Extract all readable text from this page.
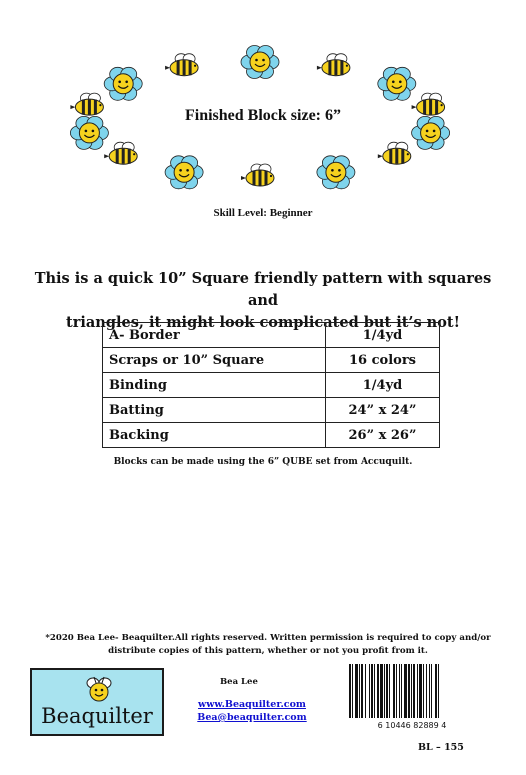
Finished Block size: 6”
Skill Level: Beginner
This is a quick 10” Square friendly pattern with squares and
triangles, it might look complicated but it’s not!
A- Border	1/4yd
Scraps or 10” Square	16 colors
Binding	1/4yd
Batting	24” x 24”
Backing	26” x 26”
Blocks can be made using the 6” QUBE set from Accuquilt.
*2020 Bea Lee- Beaquilter.All rights reserved. Written permission is required to copy and/or
distribute copies of this pattern, whether or not you profit from it.
Beaquilter
Bea Lee
www.Beaquilter.com
Bea@beaquilter.com
6 10446 82889 4
BL – 155
